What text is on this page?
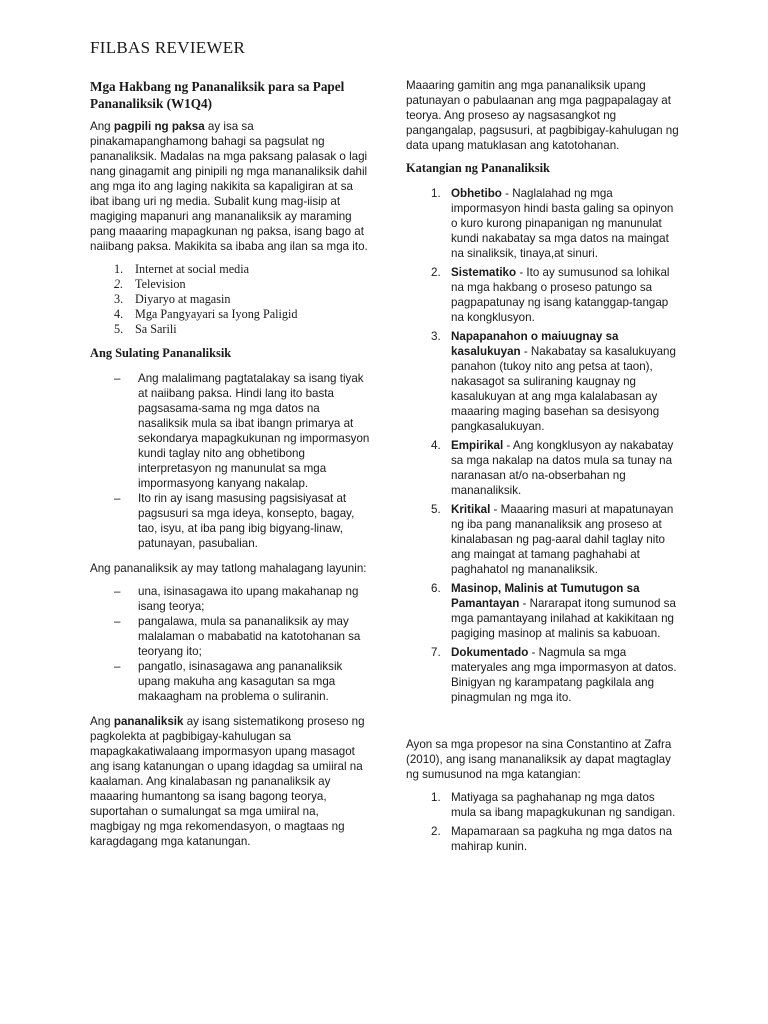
FILBAS REVIEWER
Mga Hakbang ng Pananaliksik para sa Papel Pananaliksik (W1Q4)

Ang pagpili ng paksa ay isa sa pinakamapanghamong bahagi sa pagsulat ng pananaliksik. Madalas na mga paksang palasak o lagi nang ginagamit ang pinipili ng mga mananaliksik dahil ang mga ito ang laging nakikita sa kapaligiran at sa ibat ibang uri ng media. Subalit kung mag-iisip at magiging mapanuri ang mananaliksik ay maraming pang maaaring mapagkunan ng paksa, isang bago at naiibang paksa. Makikita sa ibaba ang ilan sa mga ito.

1. Internet at social media
2. Television
3. Diyaryo at magasin
4. Mga Pangyayari sa Iyong Paligid
5. Sa Sarili
Ang Sulating Pananaliksik
– Ang malalimang pagtatalakay sa isang tiyak at naiibang paksa. Hindi lang ito basta pagsasama-sama ng mga datos na nasaliksik mula sa ibat ibangn primarya at sekondarya mapagkukunan ng impormasyon kundi taglay nito ang obhetibong interpretasyon ng manunulat sa mga impormasyong kanyang nakalap.
– Ito rin ay isang masusing pagsisiyasat at pagsusuri sa mga ideya, konsepto, bagay, tao, isyu, at iba pang ibig bigyang-linaw, patunayan, pasubalian.

Ang pananaliksik ay may tatlong mahalagang layunin:

– una, isinasagawa ito upang makahanap ng isang teorya;
– pangalawa, mula sa pananaliksik ay may malalaman o mababatid na katotohanan sa teoryang ito;
– pangatlo, isinasagawa ang pananaliksik upang makuha ang kasagutan sa mga makaagham na problema o suliranin.

Ang pananaliksik ay isang sistematikong proseso ng pagkolekta at pagbibigay-kahulugan sa mapagkakatiwalaang impormasyon upang masagot ang isang katanungan o upang idagdag sa umiiral na kaalaman. Ang kinalabasan ng pananaliksik ay maaaring humantong sa isang bagong teorya, suportahan o sumalungat sa mga umiiral na, magbigay ng mga rekomendasyon, o magtaas ng karagdagang mga katanungan.

Maaaring gamitin ang mga pananaliksik upang patunayan o pabulaanan ang mga pagpapalagay at teorya. Ang proseso ay nagsasangkot ng pangangalap, pagsusuri, at pagbibigay-kahulugan ng data upang matuklasan ang katotohanan.

Katangian ng Pananaliksik
1. Obhetibo - Naglalahad ng mga impormasyon hindi basta galing sa opinyon o kuro kurong pinapanigan ng manunulat kundi nakabatay sa mga datos na maingat na sinaliksik, tinaya,at sinuri.
2. Sistematiko - Ito ay sumusunod sa lohikal na mga hakbang o proseso patungo sa pagpapatunay ng isang katanggap-tangap na kongklusyon.
3. Napapanahon o maiuugnay sa kasalukuyan - Nakabatay sa kasalukuyang panahon (tukoy nito ang petsa at taon), nakasagot sa suliraning kaugnay ng kasalukuyan at ang mga kalalabasan ay maaaring maging basehan sa desisyong pangkasalukuyan.
4. Empirikal - Ang kongklusyon ay nakabatay sa mga nakalap na datos mula sa tunay na naranasan at/o na-obserbahan ng mananaliksik.
5. Kritikal - Maaaring masuri at mapatunayan ng iba pang mananaliksik ang proseso at kinalabasan ng pag-aaral dahil taglay nito ang maingat at tamang paghahabi at paghahatol ng mananaliksik.
6. Masinop, Malinis at Tumutugon sa Pamantayan - Nararapat itong sumunod sa mga pamantayang inilahad at kakikitaan ng pagiging masinop at malinis sa kabuoan.
7. Dokumentado - Nagmula sa mga materyales ang mga impormasyon at datos. Binigyan ng karampatang pagkilala ang pinagmulan ng mga ito.

Ayon sa mga propesor na sina Constantino at Zafra (2010), ang isang mananaliksik ay dapat magtaglay ng sumusunod na mga katangian:

1. Matiyaga sa paghahanap ng mga datos mula sa ibang mapagkukunan ng sandigan.
2. Mapamaraan sa pagkuha ng mga datos na mahirap kunin.
